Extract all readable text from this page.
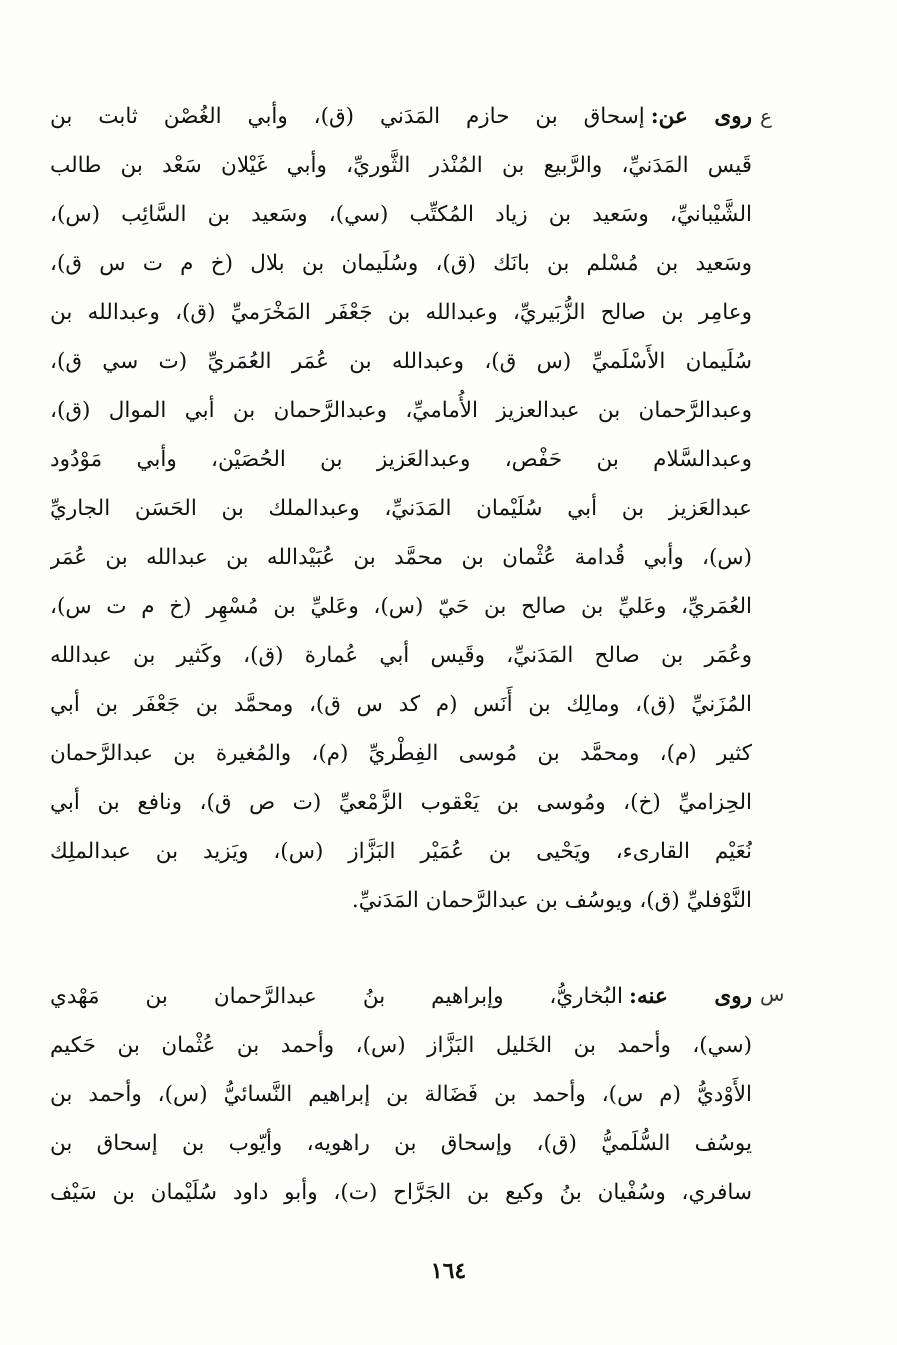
ع
روى عن:إسحاق بن حازم المَدَني (ق)، وأبي الغُصْن ثابت بن
قَيس المَدَنيِّ، والرَّبيع بن المُنْذر الثَّوريِّ، وأبي غَيْلان سَعْد بن طالب
الشَّيْبانيِّ، وسَعيد بن زياد المُكتِّب (سي)، وسَعيد بن السَّائِب (س)،
وسَعيد بن مُسْلم بن بانَك (ق)، وسُلَيمان بن بلال (خ م ت س ق)،
وعامِر بن صالح الزُّبَيريِّ، وعبدالله بن جَعْفَر المَخْرَميِّ (ق)، وعبدالله بن
سُلَيمان الأَسْلَميِّ (س ق)، وعبدالله بن عُمَر العُمَريِّ (ت سي ق)،
وعبدالرَّحمان بن عبدالعزيز الأُماميِّ، وعبدالرَّحمان بن أبي الموال (ق)،
وعبدالسَّلام بن حَفْص، وعبدالعَزيز بن الحُصَيْن، وأبي مَوْدُود
عبدالعَزيز بن أبي سُلَيْمان المَدَنيِّ، وعبدالملك بن الحَسَن الجاريِّ
(س)، وأبي قُدامة عُثْمان بن محمَّد بن عُبَيْدالله بن عبدالله بن عُمَر
العُمَريِّ، وعَليِّ بن صالح بن حَيّ (س)، وعَليِّ بن مُسْهِر (خ م ت س)،
وعُمَر بن صالح المَدَنيِّ، وقَيس أبي عُمارة (ق)، وكَثير بن عبدالله
المُزَنيِّ (ق)، ومالِك بن أَنَس (م كد س ق)، ومحمَّد بن جَعْفَر بن أبي
كثير (م)، ومحمَّد بن مُوسى الفِطْريِّ (م)، والمُغيرة بن عبدالرَّحمان
الحِزاميِّ (خ)، ومُوسى بن يَعْقوب الزَّمْعيِّ (ت ص ق)، ونافع بن أبي
نُعَيْم القارىء، ويَحْيى بن عُمَيْر البَزَّاز (س)، ويَزيد بن عبدالملِك
النَّوْفليِّ (ق)، ويوسُف بن عبدالرَّحمان المَدَنيِّ.
س
روى عنه:البُخاريُّ، وإبراهيم بنُ عبدالرَّحمان بن مَهْدي
(سي)، وأحمد بن الخَليل البَزَّاز (س)، وأحمد بن عُثْمان بن حَكيم
الأَوْديُّ (م س)، وأحمد بن فَضَالة بن إبراهيم النَّسائيُّ (س)، وأحمد بن
يوسُف السُّلَميُّ (ق)، وإسحاق بن راهويه، وأيّوب بن إسحاق بن
سافري، وسُفْيان بنُ وكيع بن الجَرَّاح (ت)، وأبو داود سُلَيْمان بن سَيْف
١٦٤
